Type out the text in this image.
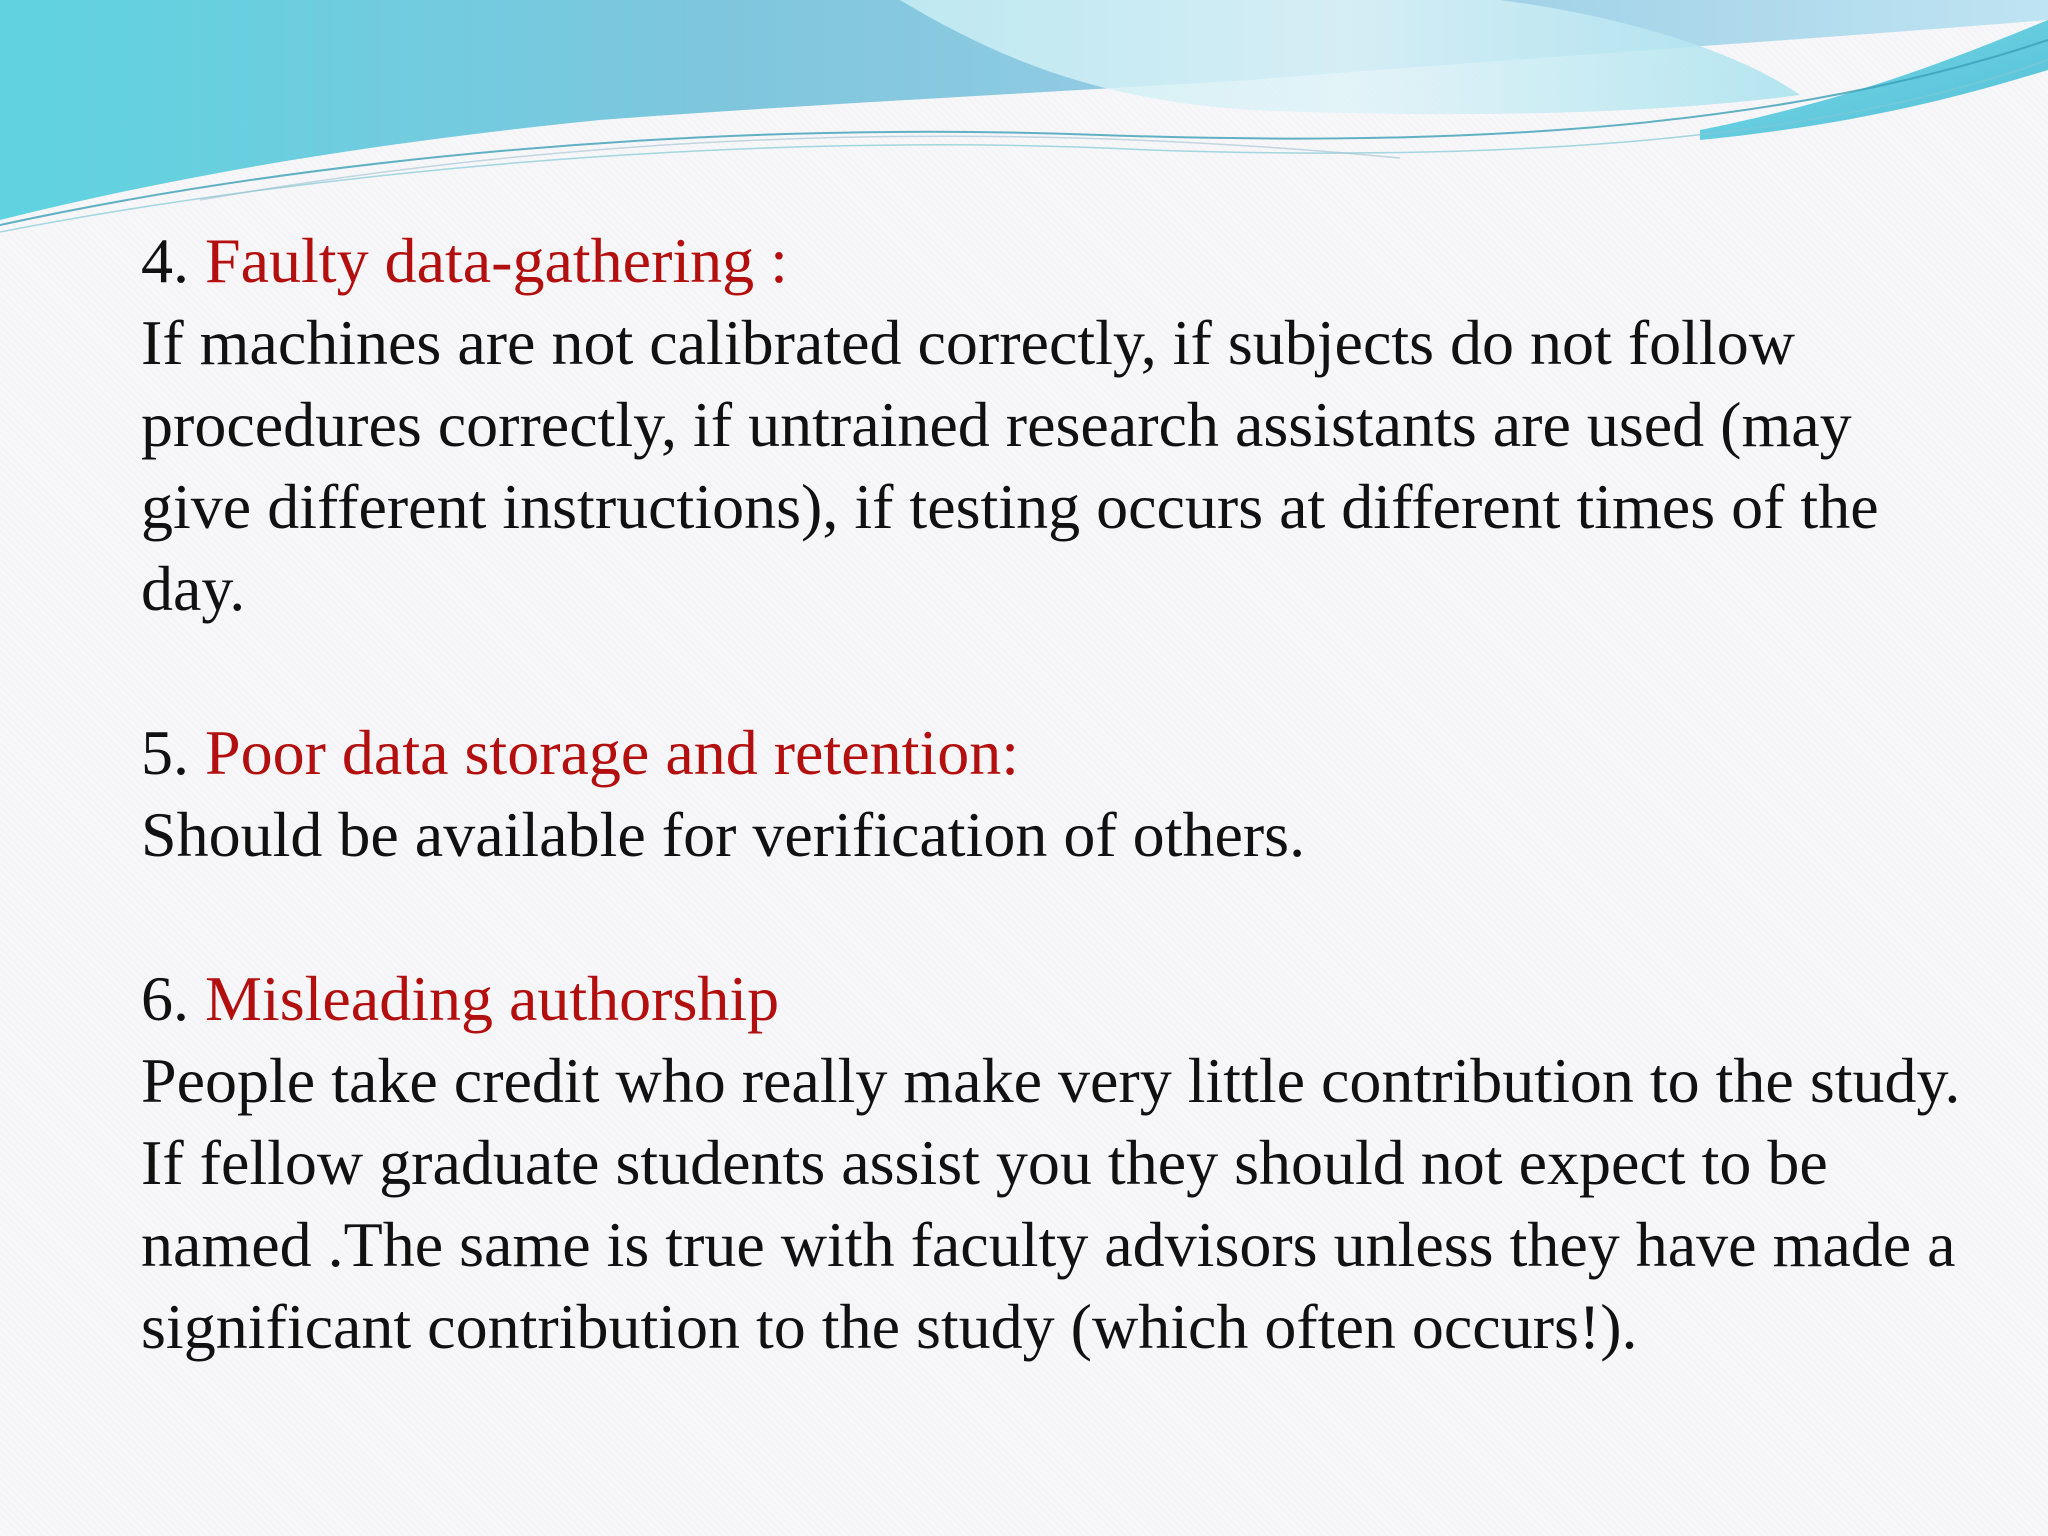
4. Faulty data-gathering :
If machines are not calibrated correctly, if subjects do not follow procedures correctly, if untrained research assistants are used (may give different instructions), if testing occurs at different times of the day.
5. Poor data storage and retention:
Should be available for verification of others.
6. Misleading authorship
People take credit who really make very little contribution to the study. If fellow graduate students assist you they should not expect to be named .The same is true with faculty advisors unless they have made a significant contribution to the study (which often occurs!).
